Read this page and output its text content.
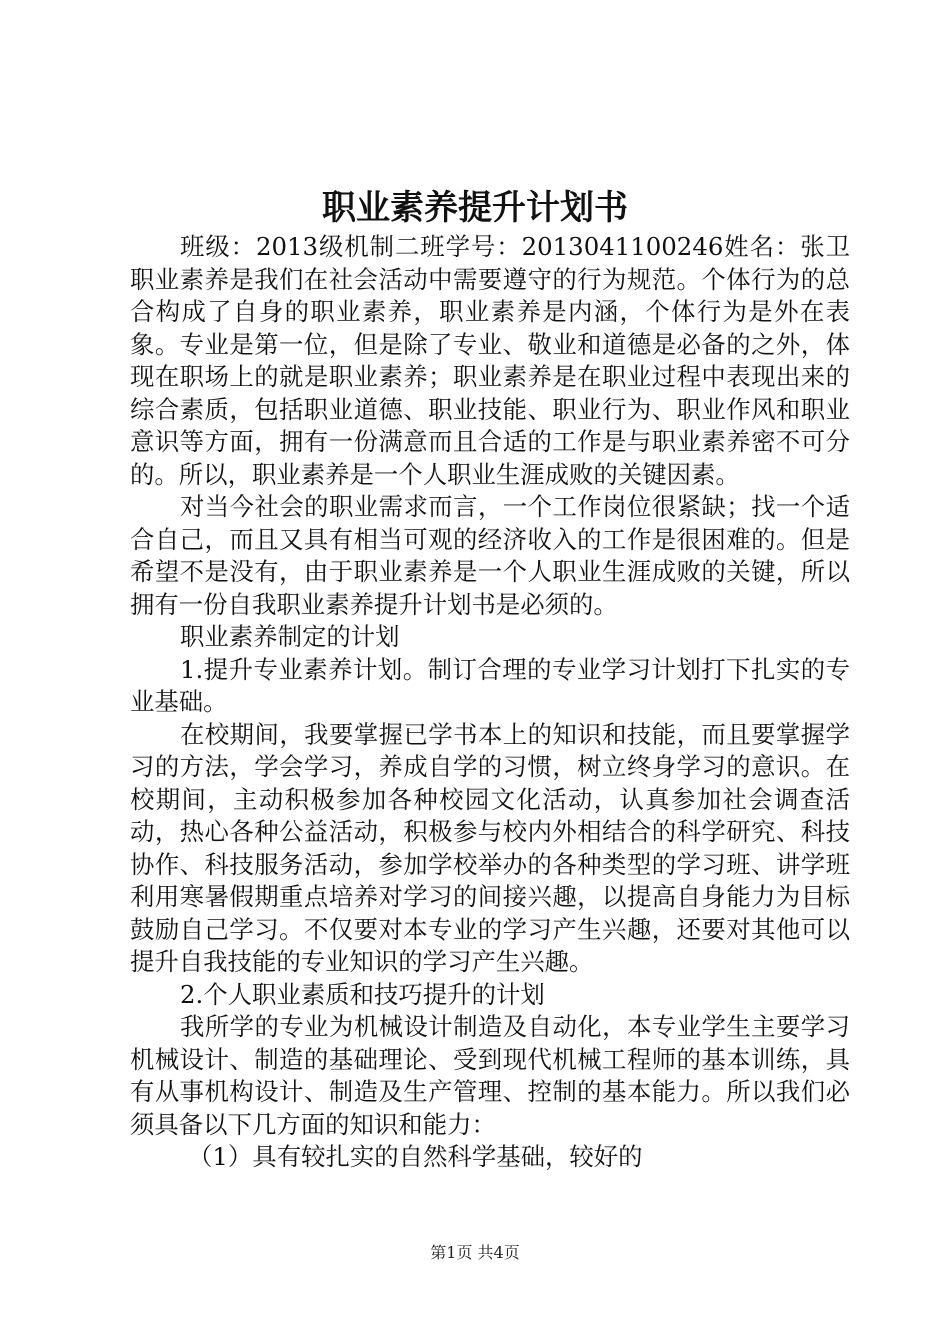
职业素养提升计划书

班级：2013级机制二班学号：2013041100246姓名：张卫职业素养是我们在社会活动中需要遵守的行为规范。个体行为的总合构成了自身的职业素养，职业素养是内涵，个体行为是外在表象。专业是第一位，但是除了专业、敬业和道德是必备的之外，体现在职场上的就是职业素养；职业素养是在职业过程中表现出来的综合素质，包括职业道德、职业技能、职业行为、职业作风和职业意识等方面，拥有一份满意而且合适的工作是与职业素养密不可分的。所以，职业素养是一个人职业生涯成败的关键因素。

对当今社会的职业需求而言，一个工作岗位很紧缺；找一个适合自己，而且又具有相当可观的经济收入的工作是很困难的。但是希望不是没有，由于职业素养是一个人职业生涯成败的关键，所以拥有一份自我职业素养提升计划书是必须的。

职业素养制定的计划

1.提升专业素养计划。制订合理的专业学习计划打下扎实的专业基础。

在校期间，我要掌握已学书本上的知识和技能，而且要掌握学习的方法，学会学习，养成自学的习惯，树立终身学习的意识。在校期间，主动积极参加各种校园文化活动，认真参加社会调查活动，热心各种公益活动，积极参与校内外相结合的科学研究、科技协作、科技服务活动，参加学校举办的各种类型的学习班、讲学班利用寒暑假期重点培养对学习的间接兴趣，以提高自身能力为目标鼓励自己学习。不仅要对本专业的学习产生兴趣，还要对其他可以提升自我技能的专业知识的学习产生兴趣。

2.个人职业素质和技巧提升的计划

我所学的专业为机械设计制造及自动化，本专业学生主要学习机械设计、制造的基础理论、受到现代机械工程师的基本训练，具有从事机构设计、制造及生产管理、控制的基本能力。所以我们必须具备以下几方面的知识和能力：

（1）具有较扎实的自然科学基础，较好的

第1页 共4页
